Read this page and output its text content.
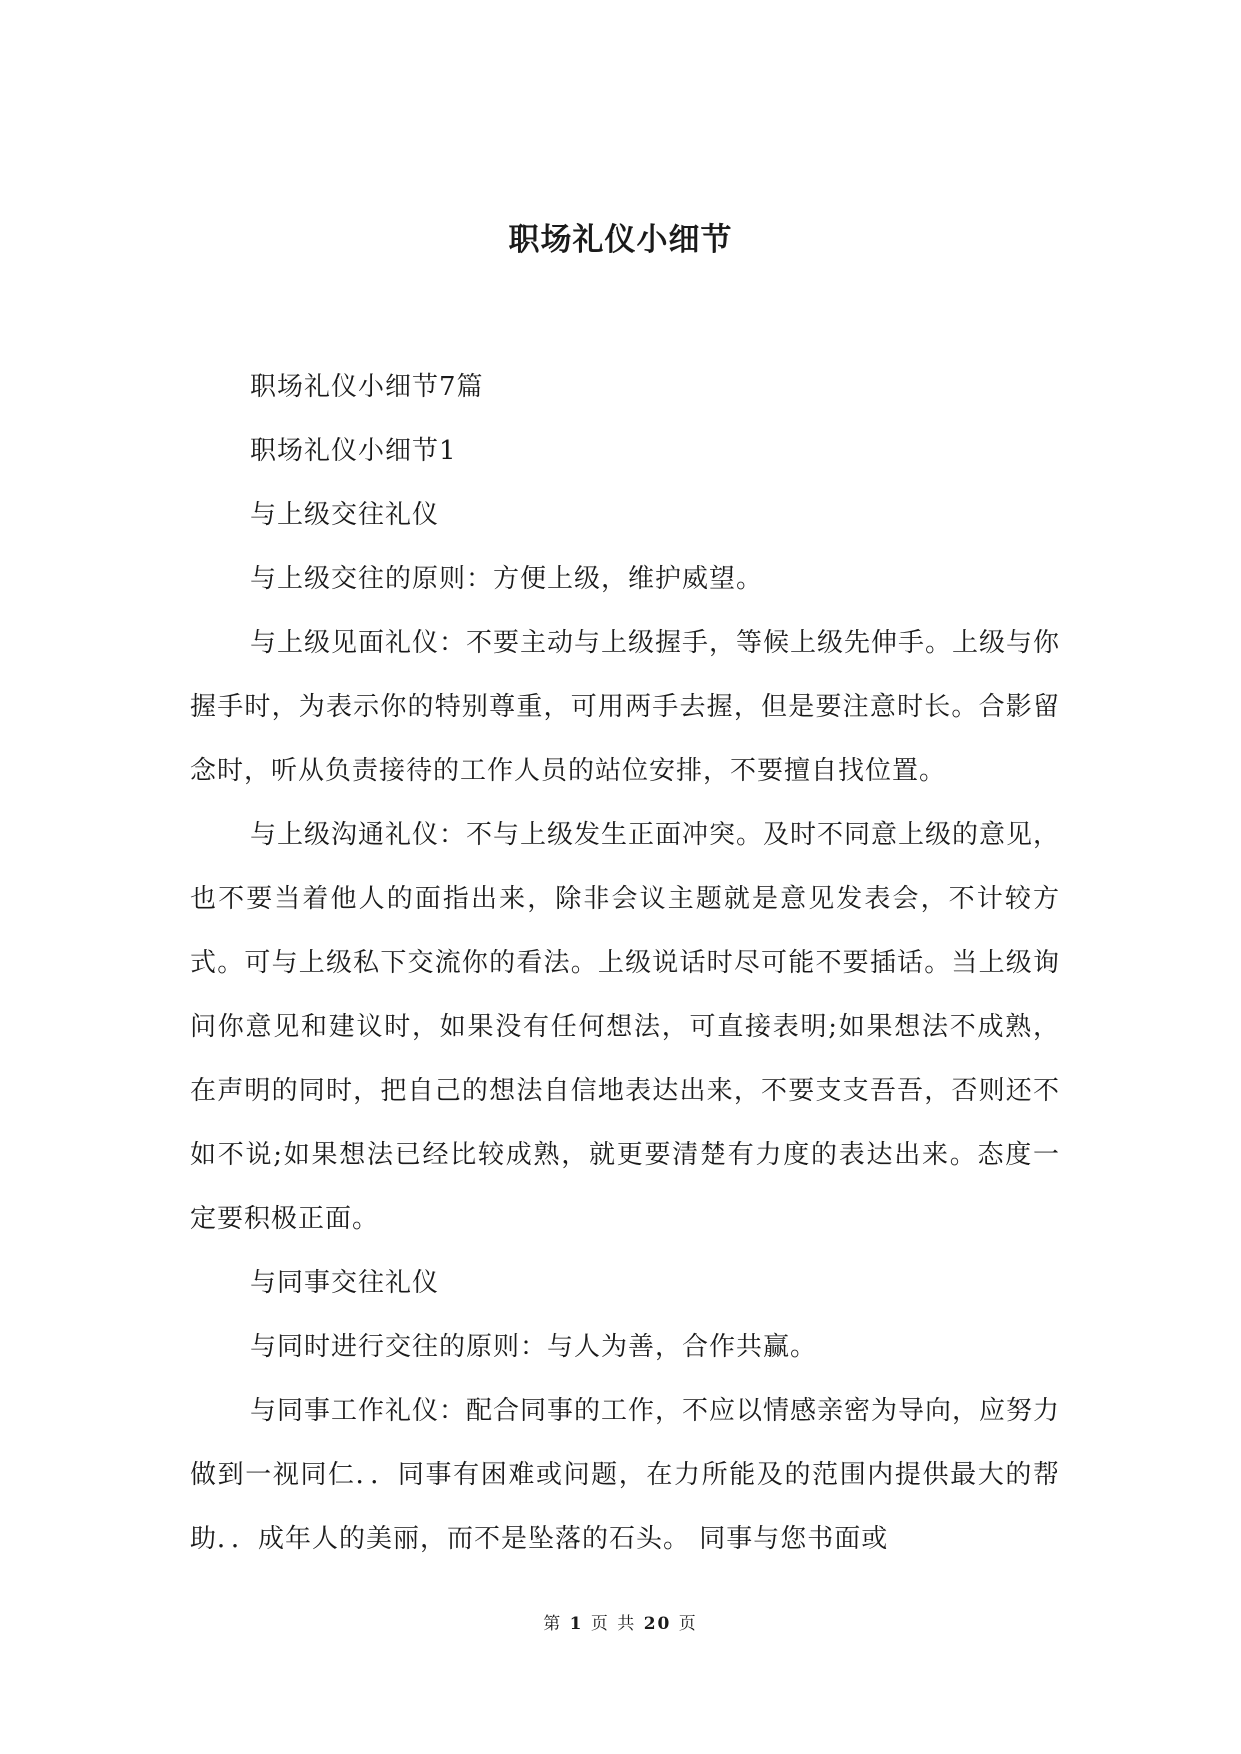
职场礼仪小细节

职场礼仪小细节7篇

职场礼仪小细节1

与上级交往礼仪

与上级交往的原则：方便上级，维护威望。

与上级见面礼仪：不要主动与上级握手，等候上级先伸手。上级与你握手时，为表示你的特别尊重，可用两手去握，但是要注意时长。合影留念时，听从负责接待的工作人员的站位安排，不要擅自找位置。

与上级沟通礼仪：不与上级发生正面冲突。及时不同意上级的意见，也不要当着他人的面指出来，除非会议主题就是意见发表会，不计较方式。可与上级私下交流你的看法。上级说话时尽可能不要插话。当上级询问你意见和建议时，如果没有任何想法，可直接表明;如果想法不成熟，在声明的同时，把自己的想法自信地表达出来，不要支支吾吾，否则还不如不说;如果想法已经比较成熟，就更要清楚有力度的表达出来。态度一定要积极正面。

与同事交往礼仪

与同时进行交往的原则：与人为善，合作共赢。

与同事工作礼仪：配合同事的工作，不应以情感亲密为导向，应努力做到一视同仁．．同事有困难或问题，在力所能及的范围内提供最大的帮助．．成年人的美丽，而不是坠落的石头。 同事与您书面或

第 1 页 共 20 页
